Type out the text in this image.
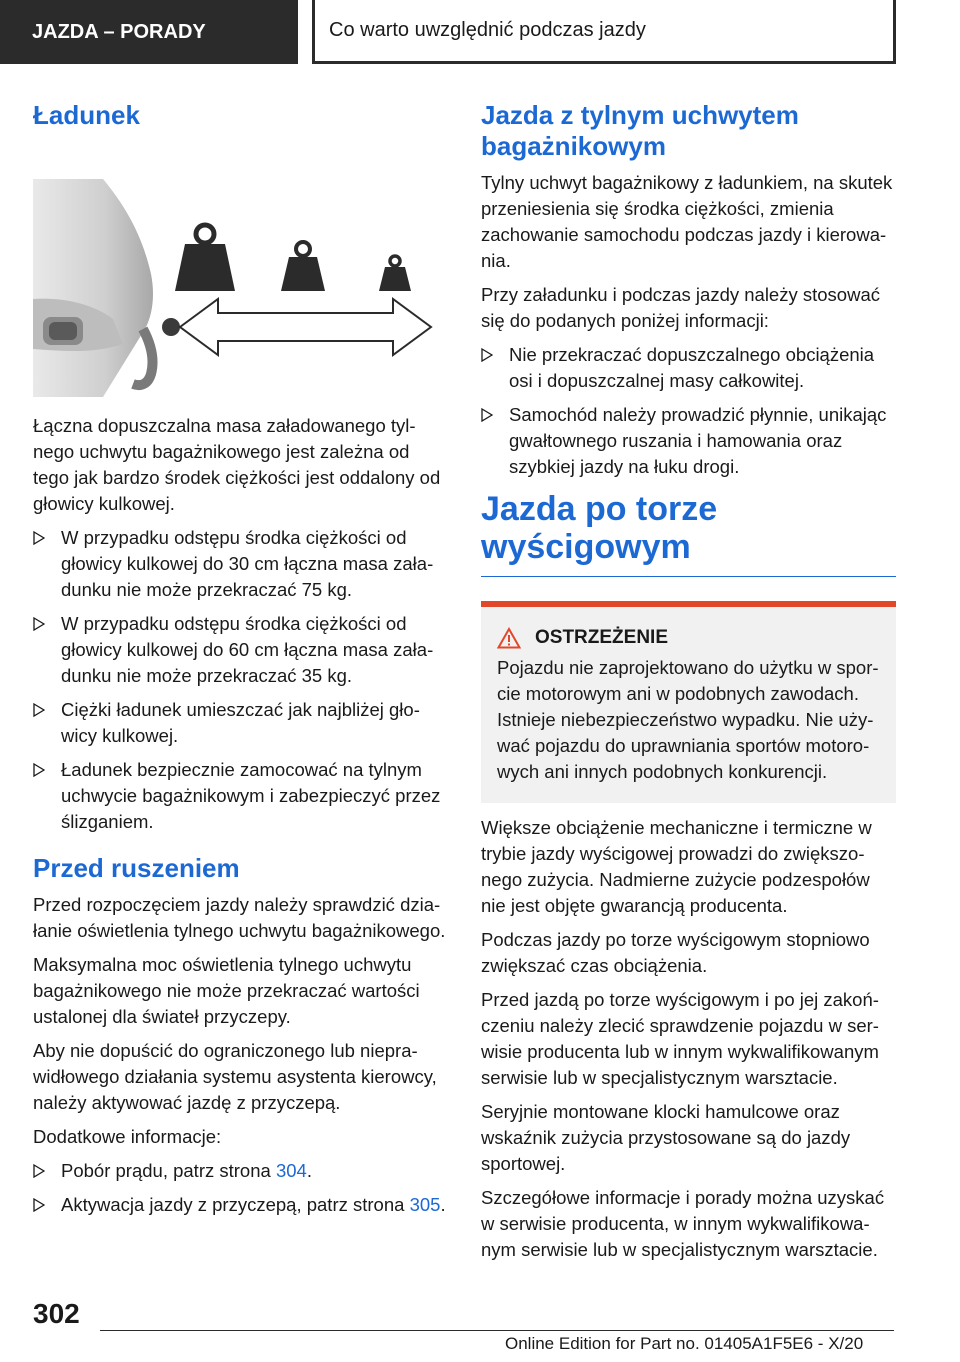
JAZDA – PORADY	Co warto uwzględnić podczas jazdy
Ładunek

Łączna dopuszczalna masa załadowanego tylnego uchwytu bagażnikowego jest zależna od tego jak bardzo środek ciężkości jest oddalony od głowicy kulkowej.

W przypadku odstępu środka ciężkości od głowicy kulkowej do 30 cm łączna masa załadunku nie może przekraczać 75 kg.
W przypadku odstępu środka ciężkości od głowicy kulkowej do 60 cm łączna masa załadunku nie może przekraczać 35 kg.
Ciężki ładunek umieszczać jak najbliżej głowicy kulkowej.
Ładunek bezpiecznie zamocować na tylnym uchwycie bagażnikowym i zabezpieczyć przez ślizganiem.
Przed ruszeniem

Przed rozpoczęciem jazdy należy sprawdzić działanie oświetlenia tylnego uchwytu bagażnikowego.

Maksymalna moc oświetlenia tylnego uchwytu bagażnikowego nie może przekraczać wartości ustalonej dla świateł przyczepy.

Aby nie dopuścić do ograniczonego lub nieprawidłowego działania systemu asystenta kierowcy, należy aktywować jazdę z przyczepą.

Dodatkowe informacje:

Pobór prądu, patrz strona 304.
Aktywacja jazdy z przyczepą, patrz strona 305.
Jazda z tylnym uchwytem bagażnikowym

Tylny uchwyt bagażnikowy z ładunkiem, na skutek przeniesienia się środka ciężkości, zmienia zachowanie samochodu podczas jazdy i kierowania.

Przy załadunku i podczas jazdy należy stosować się do podanych poniżej informacji:

Nie przekraczać dopuszczalnego obciążenia osi i dopuszczalnej masy całkowitej.
Samochód należy prowadzić płynnie, unikając gwałtownego ruszania i hamowania oraz szybkiej jazdy na łuku drogi.
Jazda po torze wyścigowym
OSTRZEŻENIE

Pojazdu nie zaprojektowano do użytku w sporcie motorowym ani w podobnych zawodach. Istnieje niebezpieczeństwo wypadku. Nie używać pojazdu do uprawniania sportów motorowych ani innych podobnych konkurencji.

Większe obciążenie mechaniczne i termiczne w trybie jazdy wyścigowej prowadzi do zwiększonego zużycia. Nadmierne zużycie podzespołów nie jest objęte gwarancją producenta.

Podczas jazdy po torze wyścigowym stopniowo zwiększać czas obciążenia.

Przed jazdą po torze wyścigowym i po jej zakończeniu należy zlecić sprawdzenie pojazdu w serwisie producenta lub w innym wykwalifikowanym serwisie lub w specjalistycznym warsztacie.

Seryjnie montowane klocki hamulcowe oraz wskaźnik zużycia przystosowane są do jazdy sportowej.

Szczegółowe informacje i porady można uzyskać w serwisie producenta, w innym wykwalifikowanym serwisie lub w specjalistycznym warsztacie.

302
Online Edition for Part no. 01405A1F5E6 - X/20
